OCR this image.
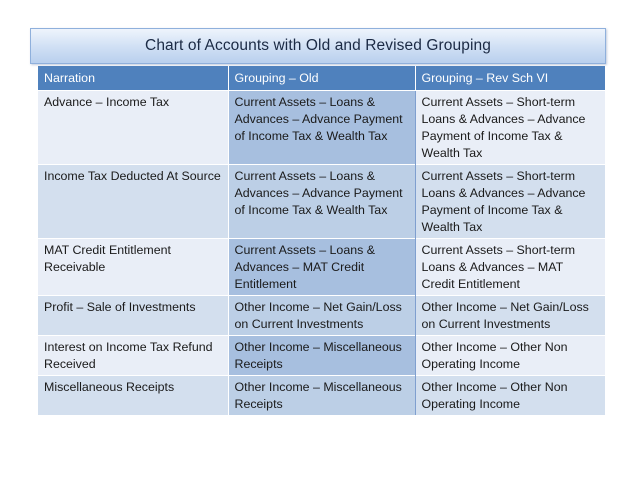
Chart of Accounts with Old and Revised Grouping
Narration	Grouping – Old	Grouping – Rev Sch VI
Advance – Income Tax	Current Assets – Loans & Advances – Advance Payment of Income Tax & Wealth Tax	Current Assets – Short-term Loans & Advances – Advance Payment of Income Tax & Wealth Tax
Income Tax Deducted At Source	Current Assets – Loans & Advances – Advance Payment of Income Tax & Wealth Tax	Current Assets – Short-term Loans & Advances – Advance Payment of Income Tax & Wealth Tax
MAT Credit Entitlement Receivable	Current Assets – Loans & Advances – MAT Credit Entitlement	Current Assets – Short-term Loans & Advances – MAT Credit Entitlement
Profit – Sale of Investments	Other Income – Net Gain/Loss on Current Investments	Other Income – Net Gain/Loss on Current Investments
Interest on Income Tax Refund Received	Other Income – Miscellaneous Receipts	Other Income – Other Non Operating Income
Miscellaneous Receipts	Other Income – Miscellaneous Receipts	Other Income – Other Non Operating Income
